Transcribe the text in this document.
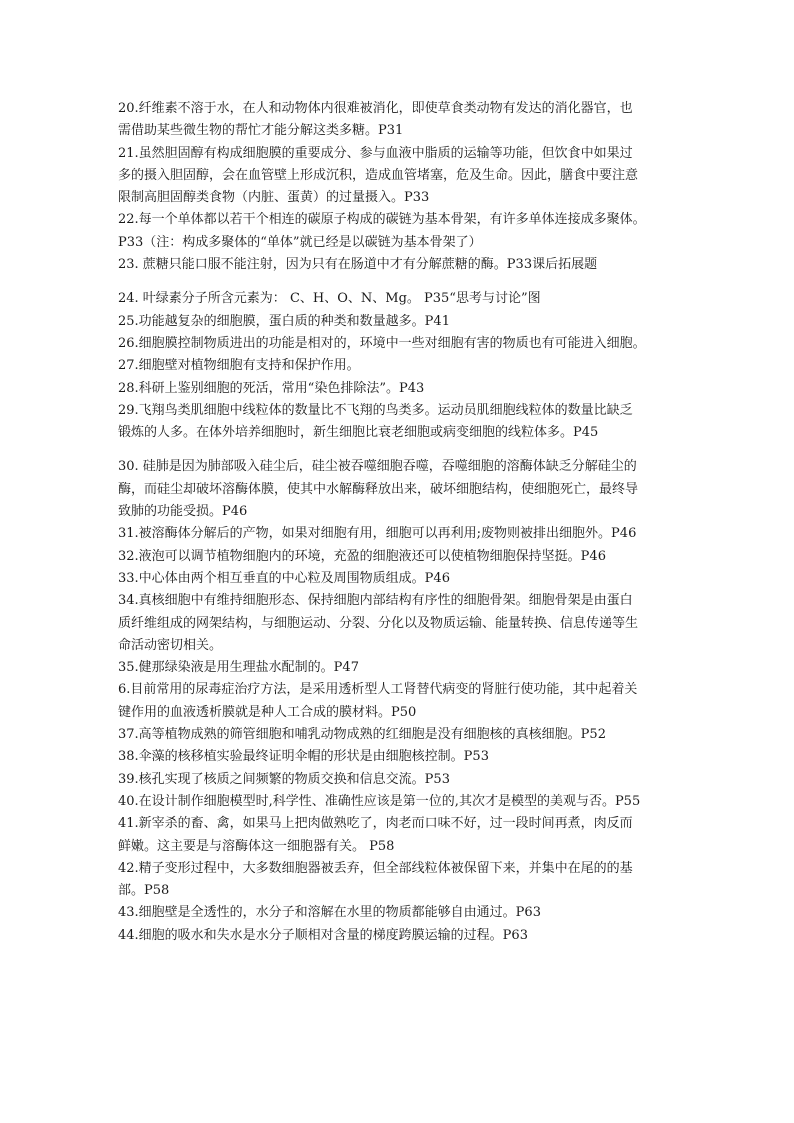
20.纤维素不溶于水，在人和动物体内很难被消化，即使草食类动物有发达的消化器官，也
需借助某些微生物的帮忙才能分解这类多糖。P31
21.虽然胆固醇有构成细胞膜的重要成分、参与血液中脂质的运输等功能，但饮食中如果过
多的摄入胆固醇，会在血管壁上形成沉积，造成血管堵塞，危及生命。因此，膳食中要注意
限制高胆固醇类食物（内脏、蛋黄）的过量摄入。P33
22.每一个单体都以若干个相连的碳原子构成的碳链为基本骨架，有许多单体连接成多聚体。
P33（注：构成多聚体的“单体”就已经是以碳链为基本骨架了）
23. 蔗糖只能口服不能注射，因为只有在肠道中才有分解蔗糖的酶。P33课后拓展题
24. 叶绿素分子所含元素为： C、H、O、N、Mg。 P35“思考与讨论”图
25.功能越复杂的细胞膜，蛋白质的种类和数量越多。P41
26.细胞膜控制物质进出的功能是相对的，环境中一些对细胞有害的物质也有可能进入细胞。
27.细胞壁对植物细胞有支持和保护作用。
28.科研上鉴别细胞的死活，常用“染色排除法”。P43
29.飞翔鸟类肌细胞中线粒体的数量比不飞翔的鸟类多。运动员肌细胞线粒体的数量比缺乏
锻炼的人多。在体外培养细胞时，新生细胞比衰老细胞或病变细胞的线粒体多。P45
30. 硅肺是因为肺部吸入硅尘后，硅尘被吞噬细胞吞噬，吞噬细胞的溶酶体缺乏分解硅尘的
酶，而硅尘却破坏溶酶体膜，使其中水解酶释放出来，破坏细胞结构，使细胞死亡，最终导
致肺的功能受损。P46
31.被溶酶体分解后的产物，如果对细胞有用，细胞可以再利用;废物则被排出细胞外。P46
32.液泡可以调节植物细胞内的环境，充盈的细胞液还可以使植物细胞保持坚挺。P46
33.中心体由两个相互垂直的中心粒及周围物质组成。P46
34.真核细胞中有维持细胞形态、保持细胞内部结构有序性的细胞骨架。细胞骨架是由蛋白
质纤维组成的网架结构，与细胞运动、分裂、分化以及物质运输、能量转换、信息传递等生
命活动密切相关。
35.健那绿染液是用生理盐水配制的。P47
6.目前常用的尿毒症治疗方法，是采用透析型人工肾替代病变的肾脏行使功能，其中起着关
键作用的血液透析膜就是种人工合成的膜材料。P50
37.高等植物成熟的筛管细胞和哺乳动物成熟的红细胞是没有细胞核的真核细胞。P52
38.伞藻的核移植实验最终证明伞帽的形状是由细胞核控制。P53
39.核孔实现了核质之间频繁的物质交换和信息交流。P53
40.在设计制作细胞模型时,科学性、准确性应该是第一位的,其次才是模型的美观与否。P55
41.新宰杀的畜、禽，如果马上把肉做熟吃了，肉老而口味不好，过一段时间再煮，肉反而
鲜嫩。这主要是与溶酶体这一细胞器有关。 P58
42.精子变形过程中，大多数细胞器被丢弃，但全部线粒体被保留下来，并集中在尾的的基
部。P58
43.细胞壁是全透性的，水分子和溶解在水里的物质都能够自由通过。P63
44.细胞的吸水和失水是水分子顺相对含量的梯度跨膜运输的过程。P63
